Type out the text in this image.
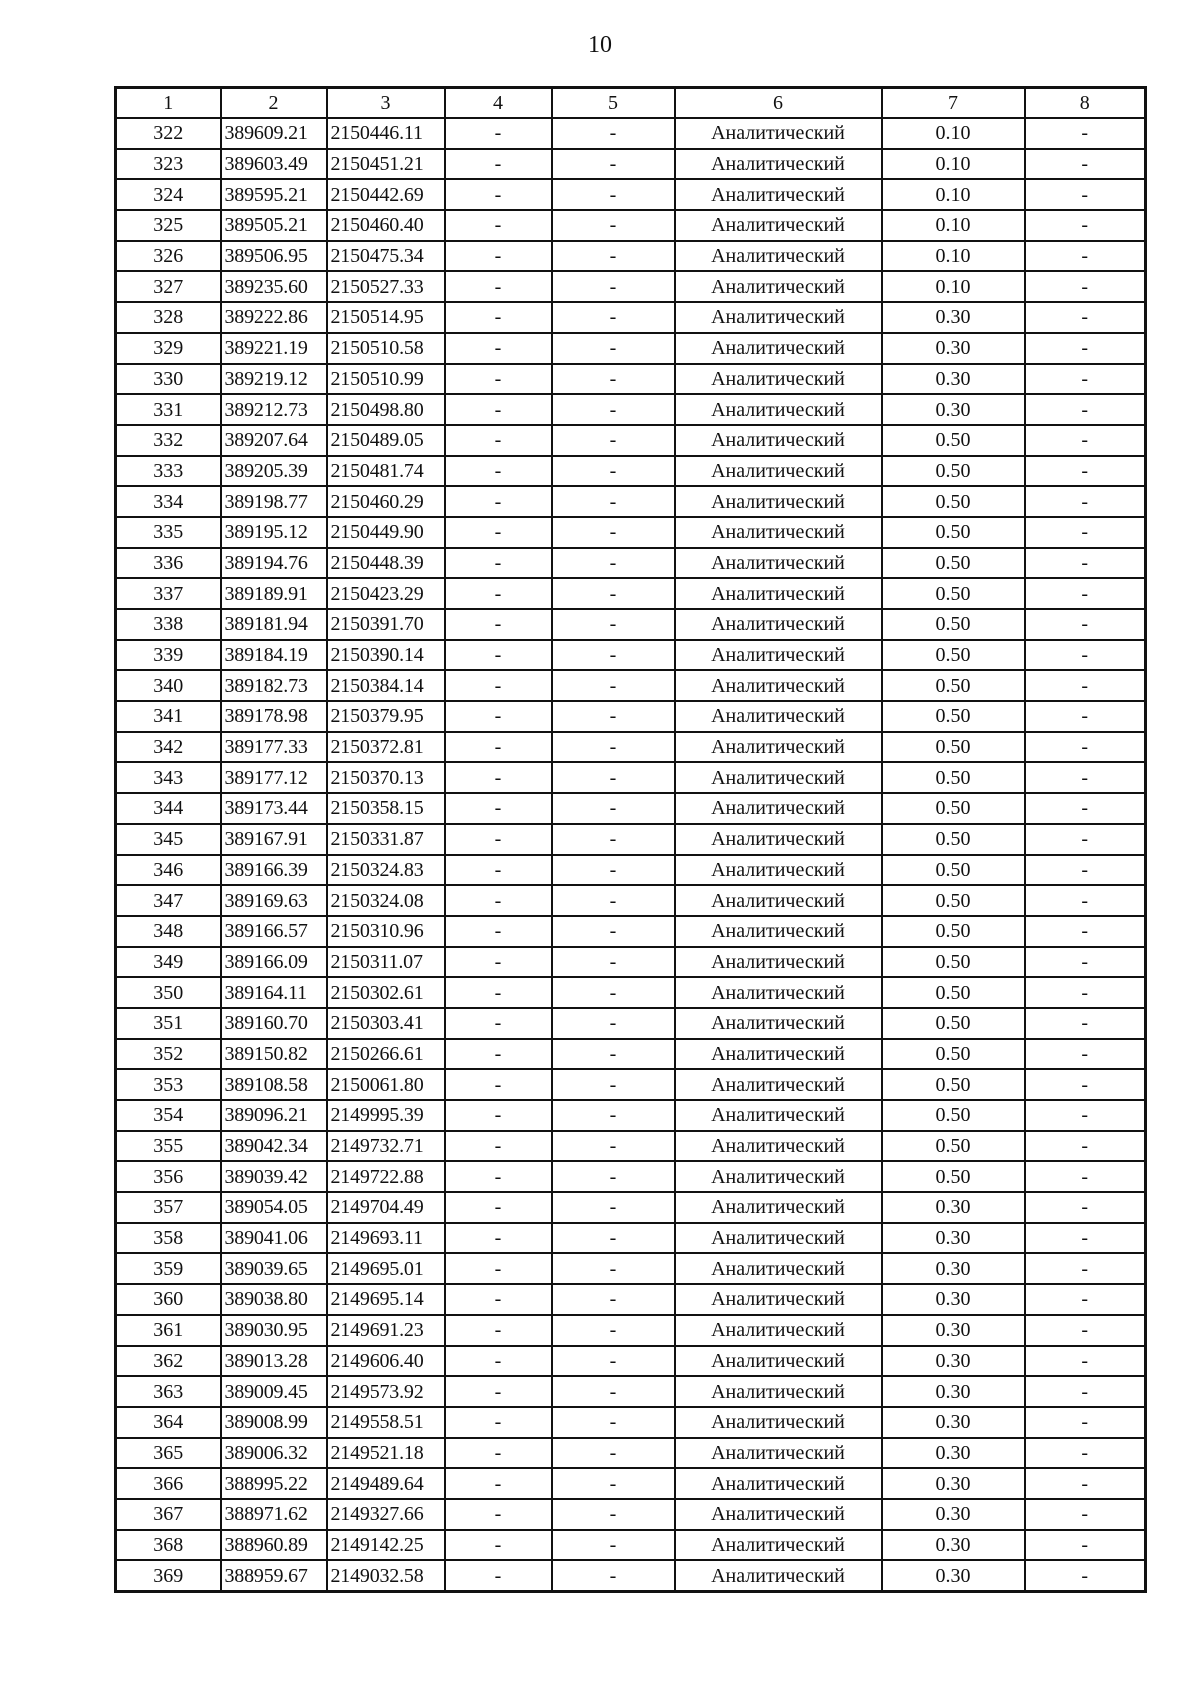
10
1	2	3	4	5	6	7	8
322	389609.21	2150446.11	-	-	Аналитический	0.10	-
323	389603.49	2150451.21	-	-	Аналитический	0.10	-
324	389595.21	2150442.69	-	-	Аналитический	0.10	-
325	389505.21	2150460.40	-	-	Аналитический	0.10	-
326	389506.95	2150475.34	-	-	Аналитический	0.10	-
327	389235.60	2150527.33	-	-	Аналитический	0.10	-
328	389222.86	2150514.95	-	-	Аналитический	0.30	-
329	389221.19	2150510.58	-	-	Аналитический	0.30	-
330	389219.12	2150510.99	-	-	Аналитический	0.30	-
331	389212.73	2150498.80	-	-	Аналитический	0.30	-
332	389207.64	2150489.05	-	-	Аналитический	0.50	-
333	389205.39	2150481.74	-	-	Аналитический	0.50	-
334	389198.77	2150460.29	-	-	Аналитический	0.50	-
335	389195.12	2150449.90	-	-	Аналитический	0.50	-
336	389194.76	2150448.39	-	-	Аналитический	0.50	-
337	389189.91	2150423.29	-	-	Аналитический	0.50	-
338	389181.94	2150391.70	-	-	Аналитический	0.50	-
339	389184.19	2150390.14	-	-	Аналитический	0.50	-
340	389182.73	2150384.14	-	-	Аналитический	0.50	-
341	389178.98	2150379.95	-	-	Аналитический	0.50	-
342	389177.33	2150372.81	-	-	Аналитический	0.50	-
343	389177.12	2150370.13	-	-	Аналитический	0.50	-
344	389173.44	2150358.15	-	-	Аналитический	0.50	-
345	389167.91	2150331.87	-	-	Аналитический	0.50	-
346	389166.39	2150324.83	-	-	Аналитический	0.50	-
347	389169.63	2150324.08	-	-	Аналитический	0.50	-
348	389166.57	2150310.96	-	-	Аналитический	0.50	-
349	389166.09	2150311.07	-	-	Аналитический	0.50	-
350	389164.11	2150302.61	-	-	Аналитический	0.50	-
351	389160.70	2150303.41	-	-	Аналитический	0.50	-
352	389150.82	2150266.61	-	-	Аналитический	0.50	-
353	389108.58	2150061.80	-	-	Аналитический	0.50	-
354	389096.21	2149995.39	-	-	Аналитический	0.50	-
355	389042.34	2149732.71	-	-	Аналитический	0.50	-
356	389039.42	2149722.88	-	-	Аналитический	0.50	-
357	389054.05	2149704.49	-	-	Аналитический	0.30	-
358	389041.06	2149693.11	-	-	Аналитический	0.30	-
359	389039.65	2149695.01	-	-	Аналитический	0.30	-
360	389038.80	2149695.14	-	-	Аналитический	0.30	-
361	389030.95	2149691.23	-	-	Аналитический	0.30	-
362	389013.28	2149606.40	-	-	Аналитический	0.30	-
363	389009.45	2149573.92	-	-	Аналитический	0.30	-
364	389008.99	2149558.51	-	-	Аналитический	0.30	-
365	389006.32	2149521.18	-	-	Аналитический	0.30	-
366	388995.22	2149489.64	-	-	Аналитический	0.30	-
367	388971.62	2149327.66	-	-	Аналитический	0.30	-
368	388960.89	2149142.25	-	-	Аналитический	0.30	-
369	388959.67	2149032.58	-	-	Аналитический	0.30	-
